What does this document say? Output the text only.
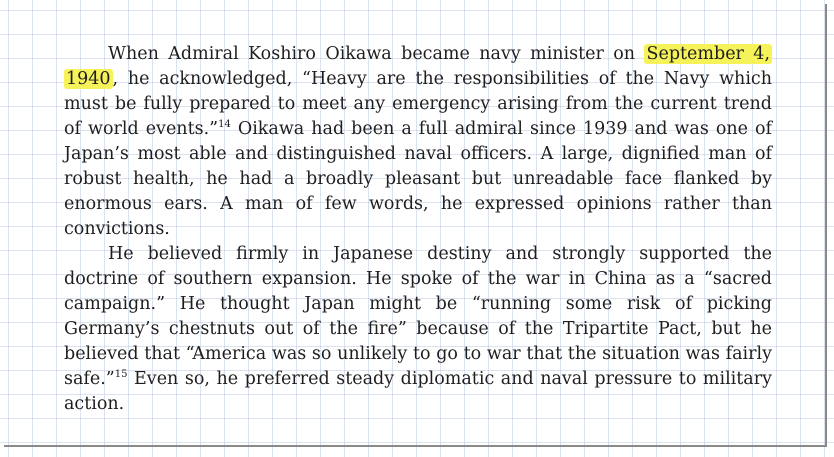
When Admiral Koshiro Oikawa became navy minister on September 4, 1940 , he acknowledged, “Heavy are the responsibilities of the Navy which must be fully prepared to meet any emergency arising from the current trend of world events.”$^{14}$ Oikawa had been a full admiral since 1939 and was one of Japan’s most able and distinguished naval officers. A large, dignified man of robust health, he had a broadly pleasant but unreadable face flanked by enormous ears. A man of few words, he expressed opinions rather than convictions.

He believed firmly in Japanese destiny and strongly supported the doctrine of southern expansion. He spoke of the war in China as a “sacred campaign.” He thought Japan might be “running some risk of picking Germany’s chestnuts out of the fire” because of the Tripartite Pact, but he believed that “America was so unlikely to go to war that the situation was fairly safe.”$^{15}$ Even so, he preferred steady diplomatic and naval pressure to military action.
